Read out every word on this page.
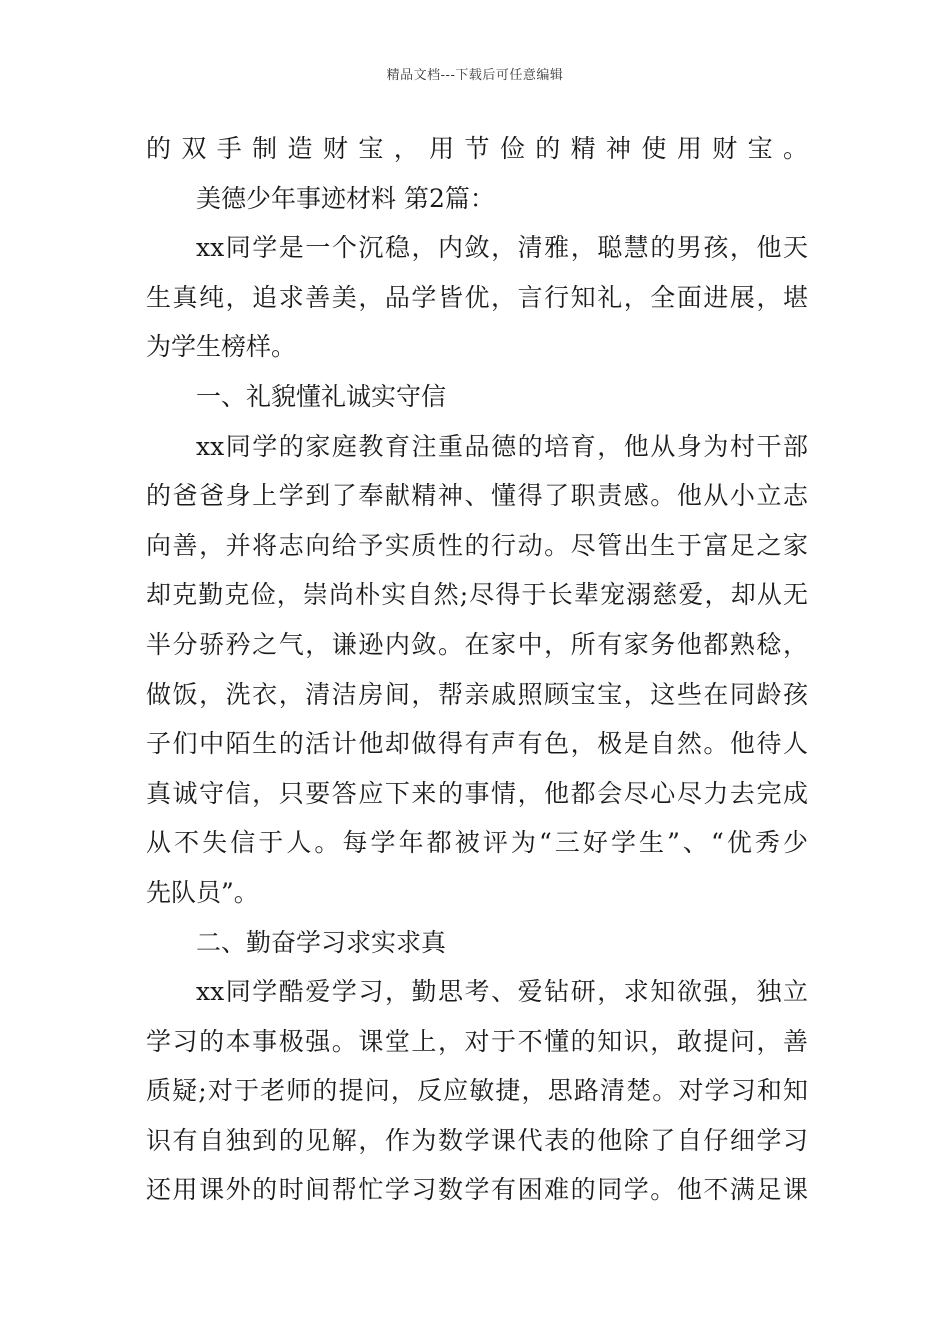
精品文档---下载后可任意编辑
的双手制造财宝，用节俭的精神使用财宝。
美德少年事迹材料 第2篇：
xx同学是一个沉稳，内敛，清雅，聪慧的男孩，他天
生真纯，追求善美，品学皆优，言行知礼，全面进展，堪
为学生榜样。
一、礼貌懂礼诚实守信
xx同学的家庭教育注重品德的培育，他从身为村干部
的爸爸身上学到了奉献精神、懂得了职责感。他从小立志
向善，并将志向给予实质性的行动。尽管出生于富足之家
却克勤克俭，崇尚朴实自然;尽得于长辈宠溺慈爱，却从无
半分骄矜之气，谦逊内敛。在家中，所有家务他都熟稔，
做饭，洗衣，清洁房间，帮亲戚照顾宝宝，这些在同龄孩
子们中陌生的活计他却做得有声有色，极是自然。他待人
真诚守信，只要答应下来的事情，他都会尽心尽力去完成
从不失信于人。每学年都被评为“三好学生”、“优秀少
先队员”。
二、勤奋学习求实求真
xx同学酷爱学习，勤思考、爱钻研，求知欲强，独立
学习的本事极强。课堂上，对于不懂的知识，敢提问，善
质疑;对于老师的提问，反应敏捷，思路清楚。对学习和知
识有自独到的见解，作为数学课代表的他除了自仔细学习
还用课外的时间帮忙学习数学有困难的同学。他不满足课
